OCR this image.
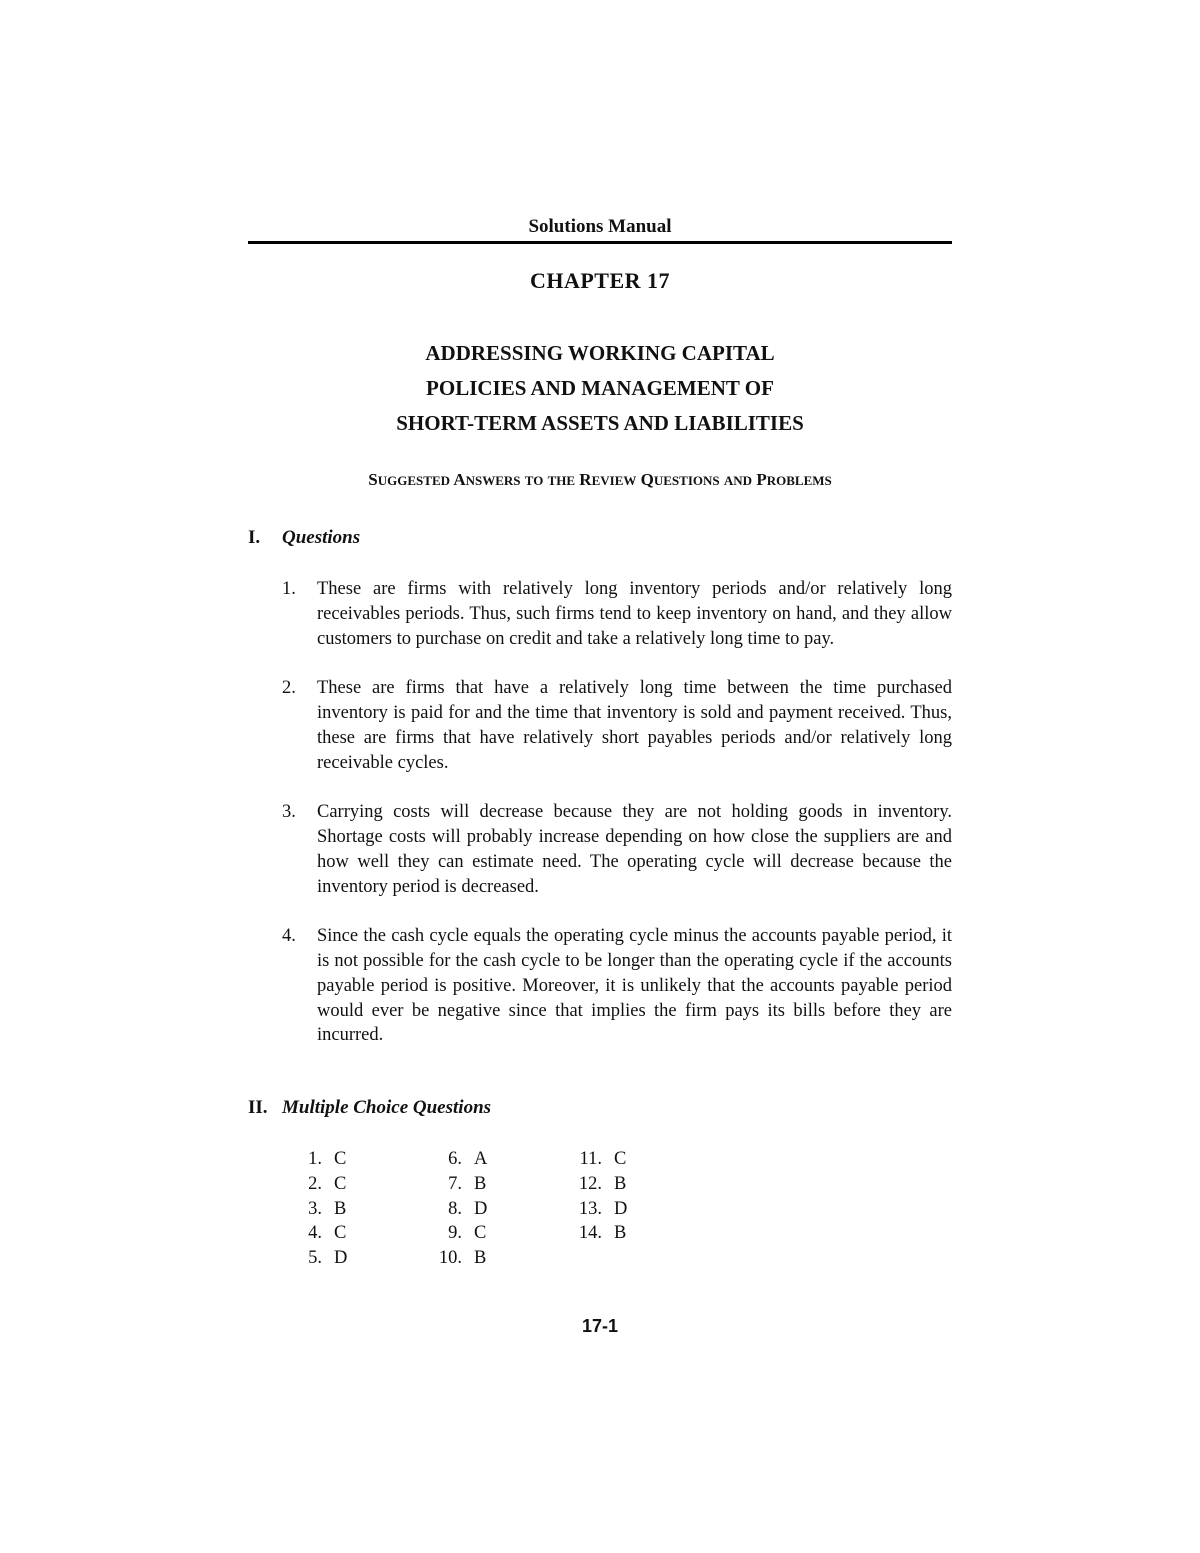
Solutions Manual
CHAPTER 17
ADDRESSING WORKING CAPITAL
POLICIES AND MANAGEMENT OF
SHORT-TERM ASSETS AND LIABILITIES
SUGGESTED ANSWERS TO THE REVIEW QUESTIONS AND PROBLEMS
I. Questions
1. These are firms with relatively long inventory periods and/or relatively long receivables periods. Thus, such firms tend to keep inventory on hand, and they allow customers to purchase on credit and take a relatively long time to pay.
2. These are firms that have a relatively long time between the time purchased inventory is paid for and the time that inventory is sold and payment received. Thus, these are firms that have relatively short payables periods and/or relatively long receivable cycles.
3. Carrying costs will decrease because they are not holding goods in inventory. Shortage costs will probably increase depending on how close the suppliers are and how well they can estimate need. The operating cycle will decrease because the inventory period is decreased.
4. Since the cash cycle equals the operating cycle minus the accounts payable period, it is not possible for the cash cycle to be longer than the operating cycle if the accounts payable period is positive. Moreover, it is unlikely that the accounts payable period would ever be negative since that implies the firm pays its bills before they are incurred.
II. Multiple Choice Questions
1. C
2. C
3. B
4. C
5. D
6. A
7. B
8. D
9. C
10. B
11. C
12. B
13. D
14. B
17-1
